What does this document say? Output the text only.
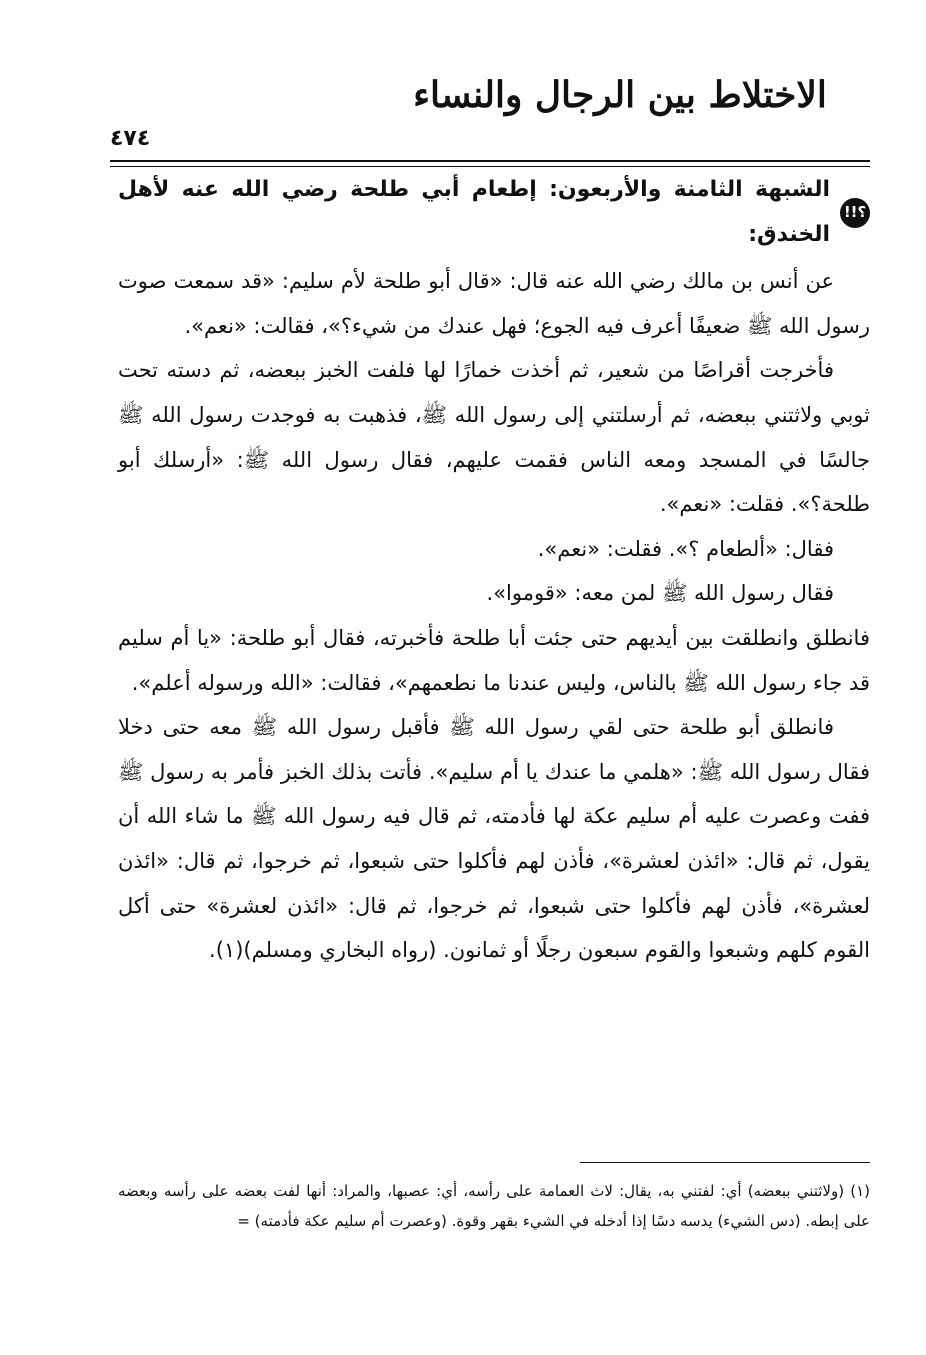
الاختلاط بين الرجال والنساء
٤٧٤
؟!!
الشبهة الثامنة والأربعون: إطعام أبي طلحة رضي الله عنه لأهل الخندق:

عن أنس بن مالك رضي الله عنه قال: «قال أبو طلحة لأم سليم: «قد سمعت صوت رسول الله ﷺ ضعيفًا أعرف فيه الجوع؛ فهل عندك من شيء؟»، فقالت: «نعم».

فأخرجت أقراصًا من شعير، ثم أخذت خمارًا لها فلفت الخبز ببعضه، ثم دسته تحت ثوبي ولاثتني ببعضه، ثم أرسلتني إلى رسول الله ﷺ، فذهبت به فوجدت رسول الله ﷺ جالسًا في المسجد ومعه الناس فقمت عليهم، فقال رسول الله ﷺ: «أرسلك أبو طلحة؟». فقلت: «نعم».

فقال: «ألطعام ؟». فقلت: «نعم».

فقال رسول الله ﷺ لمن معه: «قوموا».

فانطلق وانطلقت بين أيديهم حتى جئت أبا طلحة فأخبرته، فقال أبو طلحة: «يا أم سليم قد جاء رسول الله ﷺ بالناس، وليس عندنا ما نطعمهم»، فقالت: «الله ورسوله أعلم».

فانطلق أبو طلحة حتى لقي رسول الله ﷺ فأقبل رسول الله ﷺ معه حتى دخلا فقال رسول الله ﷺ: «هلمي ما عندك يا أم سليم». فأتت بذلك الخبز فأمر به رسول ﷺ ففت وعصرت عليه أم سليم عكة لها فأدمته، ثم قال فيه رسول الله ﷺ ما شاء الله أن يقول، ثم قال: «ائذن لعشرة»، فأذن لهم فأكلوا حتى شبعوا، ثم خرجوا، ثم قال: «ائذن لعشرة»، فأذن لهم فأكلوا حتى شبعوا، ثم خرجوا، ثم قال: «ائذن لعشرة» حتى أكل القوم كلهم وشبعوا والقوم سبعون رجلًا أو ثمانون. (رواه البخاري ومسلم)(١).

(١) (ولاثتني ببعضه) أي: لفتني به، يقال: لاث العمامة على رأسه، أي: عصبها، والمراد: أنها لفت بعضه على رأسه وبعضه على إبطه. (دس الشيء) يدسه دسًا إذا أدخله في الشيء بقهر وقوة. (وعصرت أم سليم عكة فأدمته) =
